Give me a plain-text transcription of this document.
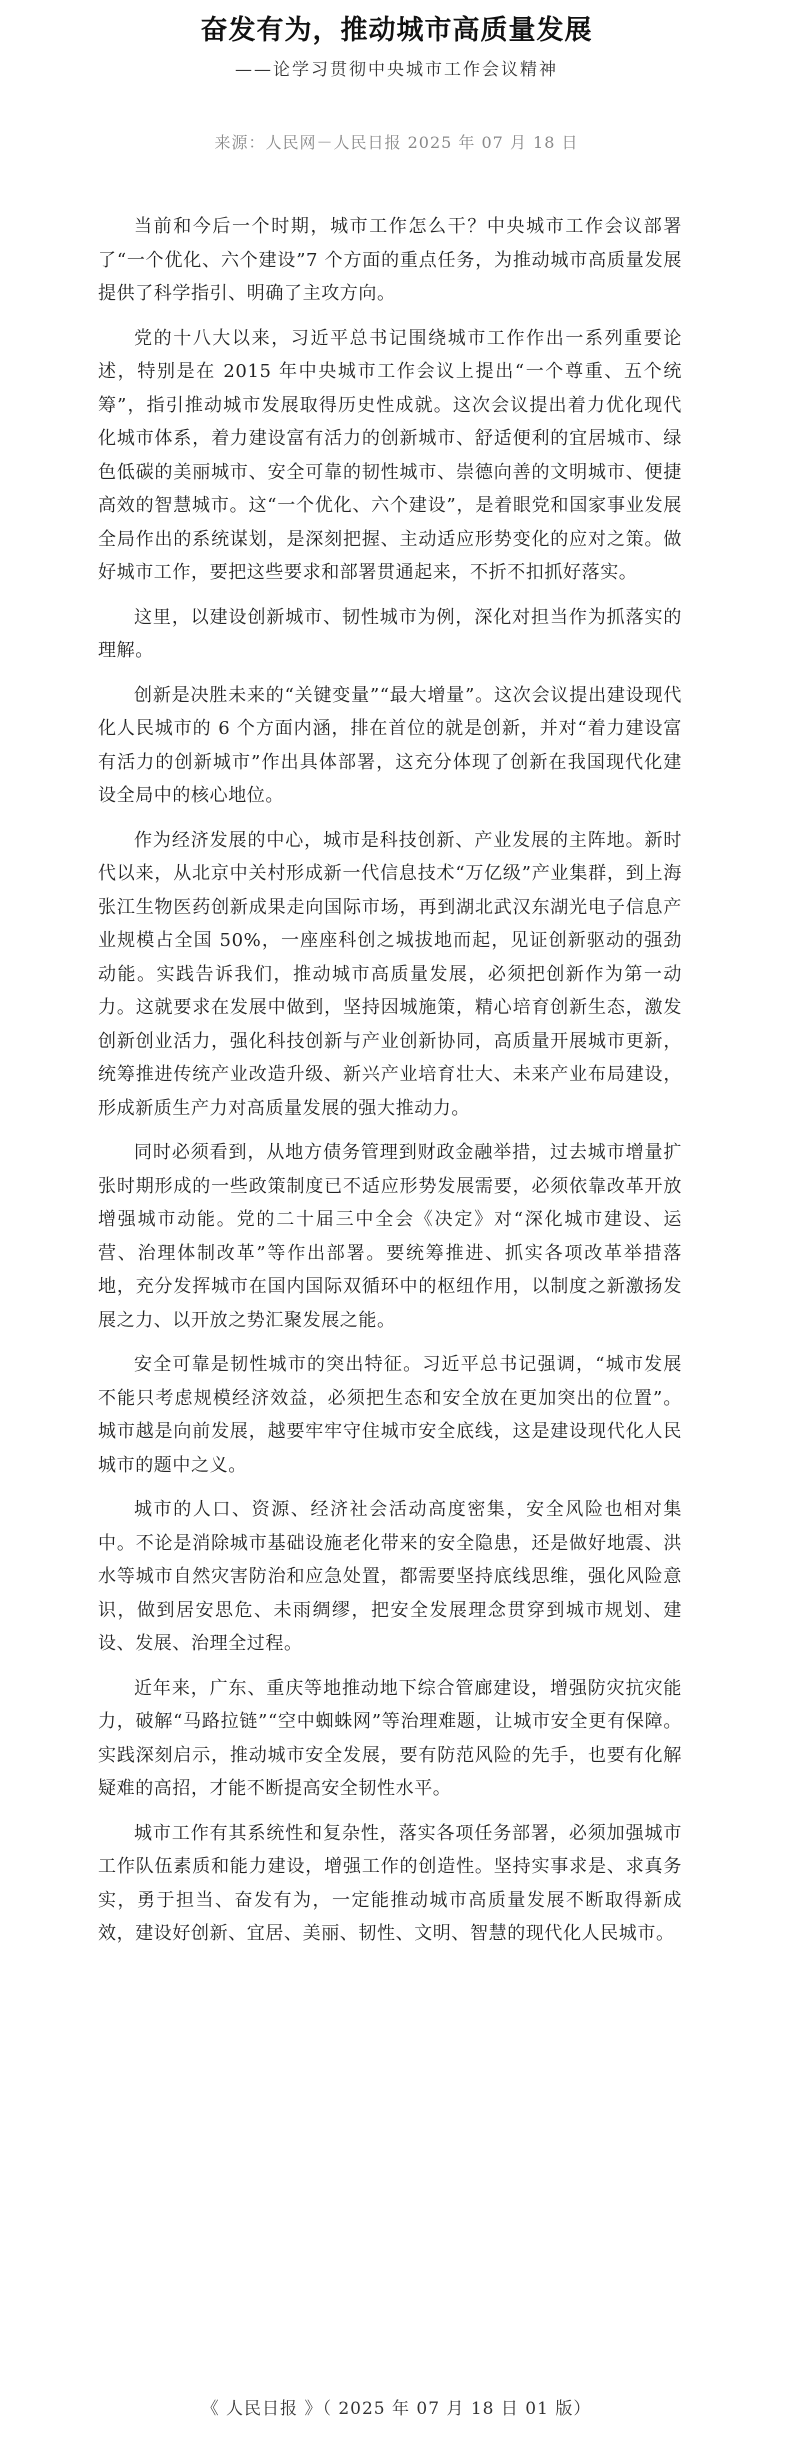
奋发有为，推动城市高质量发展
——论学习贯彻中央城市工作会议精神
来源：人民网－人民日报 2025 年 07 月 18 日

当前和今后一个时期，城市工作怎么干？中央城市工作会议部署了“一个优化、六个建设”7 个方面的重点任务，为推动城市高质量发展提供了科学指引、明确了主攻方向。

党的十八大以来，习近平总书记围绕城市工作作出一系列重要论述，特别是在 2015 年中央城市工作会议上提出“一个尊重、五个统筹”，指引推动城市发展取得历史性成就。这次会议提出着力优化现代化城市体系，着力建设富有活力的创新城市、舒适便利的宜居城市、绿色低碳的美丽城市、安全可靠的韧性城市、崇德向善的文明城市、便捷高效的智慧城市。这“一个优化、六个建设”，是着眼党和国家事业发展全局作出的系统谋划，是深刻把握、主动适应形势变化的应对之策。做好城市工作，要把这些要求和部署贯通起来，不折不扣抓好落实。

这里，以建设创新城市、韧性城市为例，深化对担当作为抓落实的理解。

创新是决胜未来的“关键变量”“最大增量”。这次会议提出建设现代化人民城市的 6 个方面内涵，排在首位的就是创新，并对“着力建设富有活力的创新城市”作出具体部署，这充分体现了创新在我国现代化建设全局中的核心地位。

作为经济发展的中心，城市是科技创新、产业发展的主阵地。新时代以来，从北京中关村形成新一代信息技术“万亿级”产业集群，到上海张江生物医药创新成果走向国际市场，再到湖北武汉东湖光电子信息产业规模占全国 50%，一座座科创之城拔地而起，见证创新驱动的强劲动能。实践告诉我们，推动城市高质量发展，必须把创新作为第一动力。这就要求在发展中做到，坚持因城施策，精心培育创新生态，激发创新创业活力，强化科技创新与产业创新协同，高质量开展城市更新，统筹推进传统产业改造升级、新兴产业培育壮大、未来产业布局建设，形成新质生产力对高质量发展的强大推动力。

同时必须看到，从地方债务管理到财政金融举措，过去城市增量扩张时期形成的一些政策制度已不适应形势发展需要，必须依靠改革开放增强城市动能。党的二十届三中全会《决定》对“深化城市建设、运营、治理体制改革”等作出部署。要统筹推进、抓实各项改革举措落地，充分发挥城市在国内国际双循环中的枢纽作用，以制度之新激扬发展之力、以开放之势汇聚发展之能。

安全可靠是韧性城市的突出特征。习近平总书记强调，“城市发展不能只考虑规模经济效益，必须把生态和安全放在更加突出的位置”。城市越是向前发展，越要牢牢守住城市安全底线，这是建设现代化人民城市的题中之义。

城市的人口、资源、经济社会活动高度密集，安全风险也相对集中。不论是消除城市基础设施老化带来的安全隐患，还是做好地震、洪水等城市自然灾害防治和应急处置，都需要坚持底线思维，强化风险意识，做到居安思危、未雨绸缪，把安全发展理念贯穿到城市规划、建设、发展、治理全过程。

近年来，广东、重庆等地推动地下综合管廊建设，增强防灾抗灾能力，破解“马路拉链”“空中蜘蛛网”等治理难题，让城市安全更有保障。实践深刻启示，推动城市安全发展，要有防范风险的先手，也要有化解疑难的高招，才能不断提高安全韧性水平。

城市工作有其系统性和复杂性，落实各项任务部署，必须加强城市工作队伍素质和能力建设，增强工作的创造性。坚持实事求是、求真务实，勇于担当、奋发有为，一定能推动城市高质量发展不断取得新成效，建设好创新、宜居、美丽、韧性、文明、智慧的现代化人民城市。

《 人民日报 》（ 2025 年 07 月 18 日 01 版）
